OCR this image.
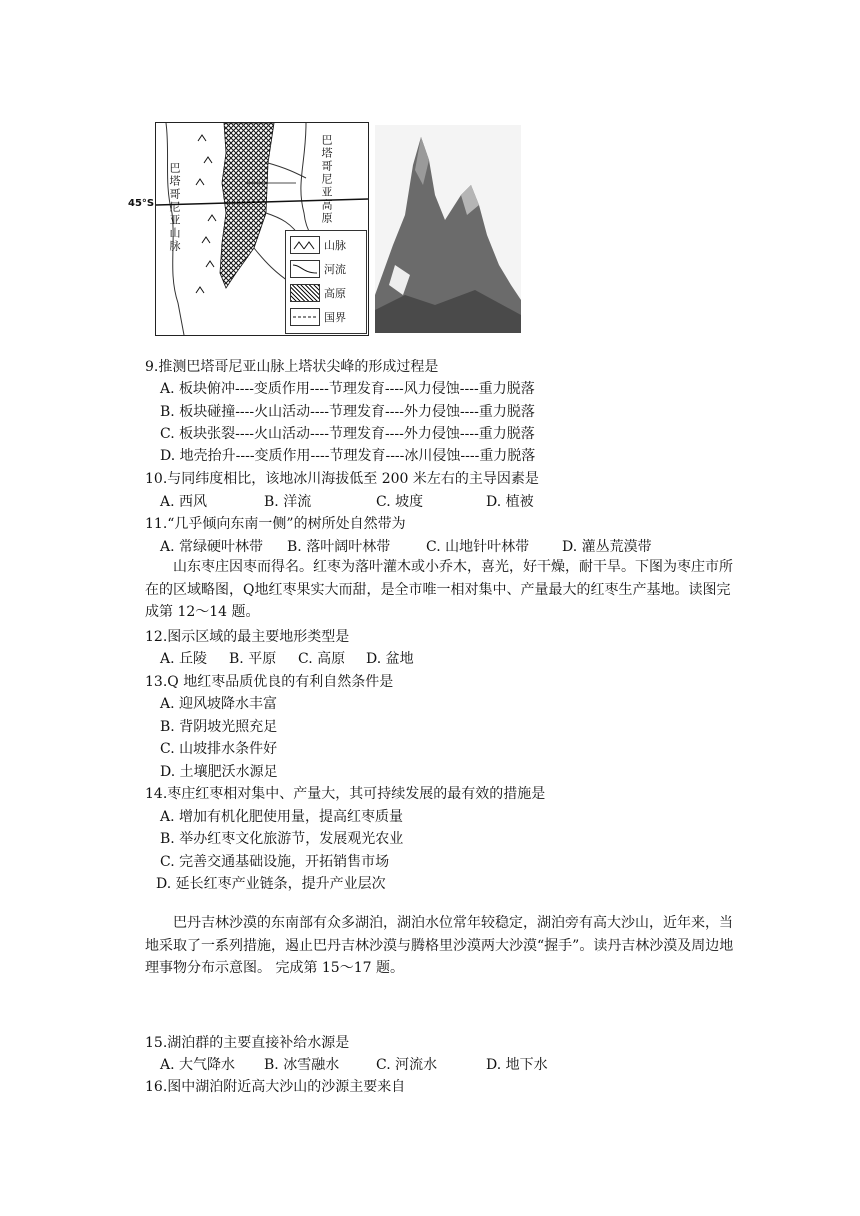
45°S 巴塔哥尼亚山脉	巴塔哥尼亚高原
山脉
河流
高原
国界
9.推测巴塔哥尼亚山脉上塔状尖峰的形成过程是
A. 板块俯冲----变质作用----节理发育----风力侵蚀----重力脱落
B. 板块碰撞----火山活动----节理发育----外力侵蚀----重力脱落
C. 板块张裂----火山活动----节理发育----外力侵蚀----重力脱落
D. 地壳抬升----变质作用----节理发育----冰川侵蚀----重力脱落
10.与同纬度相比，该地冰川海拔低至 200 米左右的主导因素是
A. 西风	B. 洋流	C. 坡度	D. 植被
11.“几乎倾向东南一侧”的树所处自然带为
A. 常绿硬叶林带 B. 落叶阔叶林带	C. 山地针叶林带 D. 灌丛荒漠带
山东枣庄因枣而得名。红枣为落叶灌木或小乔木，喜光，好干燥，耐干旱。下图为枣庄市所在的区域略图，Q地红枣果实大而甜，是全市唯一相对集中、产量最大的红枣生产基地。读图完成第 12～14 题。
12.图示区域的最主要地形类型是
A. 丘陵 B. 平原 C. 高原 D. 盆地
13.Q 地红枣品质优良的有利自然条件是
A. 迎风坡降水丰富
B. 背阴坡光照充足
C. 山坡排水条件好
D. 土壤肥沃水源足
14.枣庄红枣相对集中、产量大，其可持续发展的最有效的措施是
A. 增加有机化肥使用量，提高红枣质量
B. 举办红枣文化旅游节，发展观光农业
C. 完善交通基础设施，开拓销售市场
D. 延长红枣产业链条，提升产业层次
巴丹吉林沙漠的东南部有众多湖泊，湖泊水位常年较稳定，湖泊旁有高大沙山，近年来，当地采取了一系列措施，遏止巴丹吉林沙漠与腾格里沙漠两大沙漠“握手”。读丹吉林沙漠及周边地理事物分布示意图。 完成第 15～17 题。
15.湖泊群的主要直接补给水源是
A. 大气降水 B. 冰雪融水	C. 河流水	D. 地下水
16.图中湖泊附近高大沙山的沙源主要来自
